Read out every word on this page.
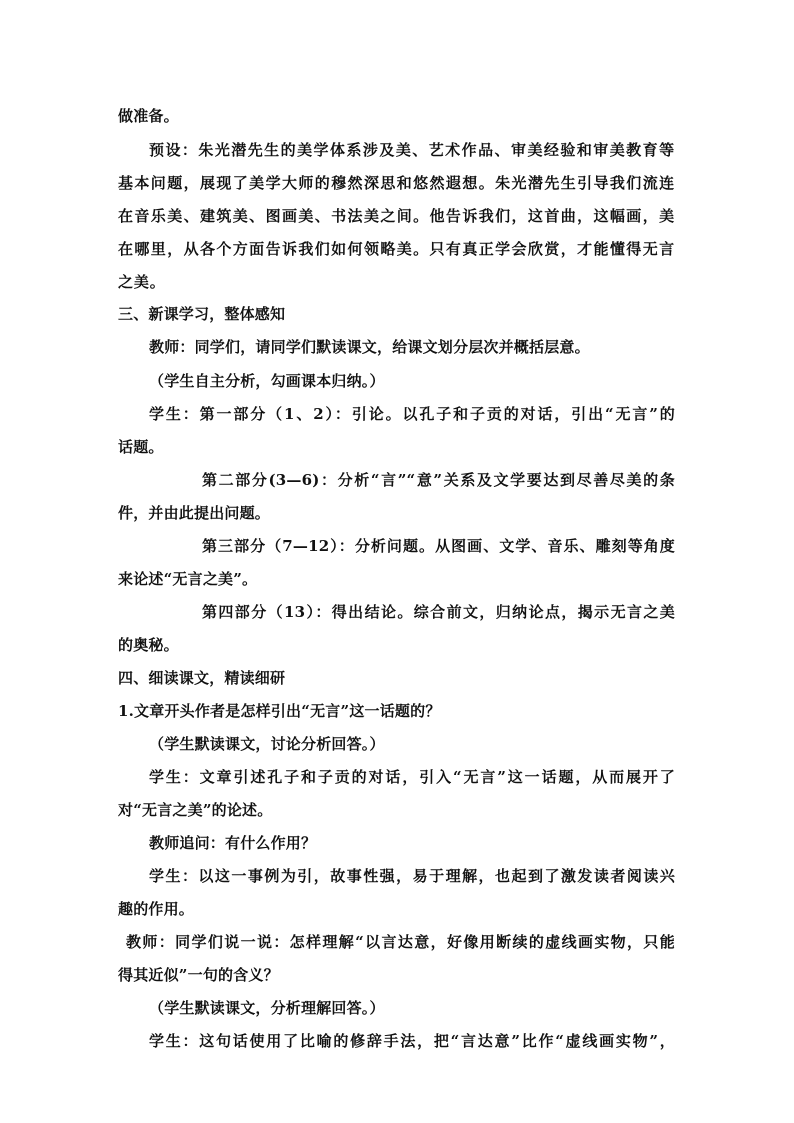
做准备。
预设：朱光潜先生的美学体系涉及美、艺术作品、审美经验和审美教育等
基本问题，展现了美学大师的穆然深思和悠然遐想。朱光潜先生引导我们流连
在音乐美、建筑美、图画美、书法美之间。他告诉我们，这首曲，这幅画，美
在哪里，从各个方面告诉我们如何领略美。只有真正学会欣赏，才能懂得无言
之美。
三、新课学习，整体感知
教师：同学们，请同学们默读课文，给课文划分层次并概括层意。
（学生自主分析，勾画课本归纳。）
学生：第一部分（1、2）：引论。以孔子和子贡的对话，引出“无言”的
话题。
第二部分(3—6)：分析“言”“意”关系及文学要达到尽善尽美的条
件，并由此提出问题。
第三部分（7—12）：分析问题。从图画、文学、音乐、雕刻等角度
来论述“无言之美”。
第四部分（13）：得出结论。综合前文，归纳论点，揭示无言之美
的奥秘。
四、细读课文，精读细研
1.文章开头作者是怎样引出“无言”这一话题的？
（学生默读课文，讨论分析回答。）
学生：文章引述孔子和子贡的对话，引入“无言”这一话题，从而展开了
对“无言之美”的论述。
教师追问：有什么作用？
学生：以这一事例为引，故事性强，易于理解，也起到了激发读者阅读兴
趣的作用。
教师：同学们说一说：怎样理解“以言达意，好像用断续的虚线画实物，只能
得其近似”一句的含义？
（学生默读课文，分析理解回答。）
学生：这句话使用了比喻的修辞手法，把“言达意”比作“虚线画实物”，
